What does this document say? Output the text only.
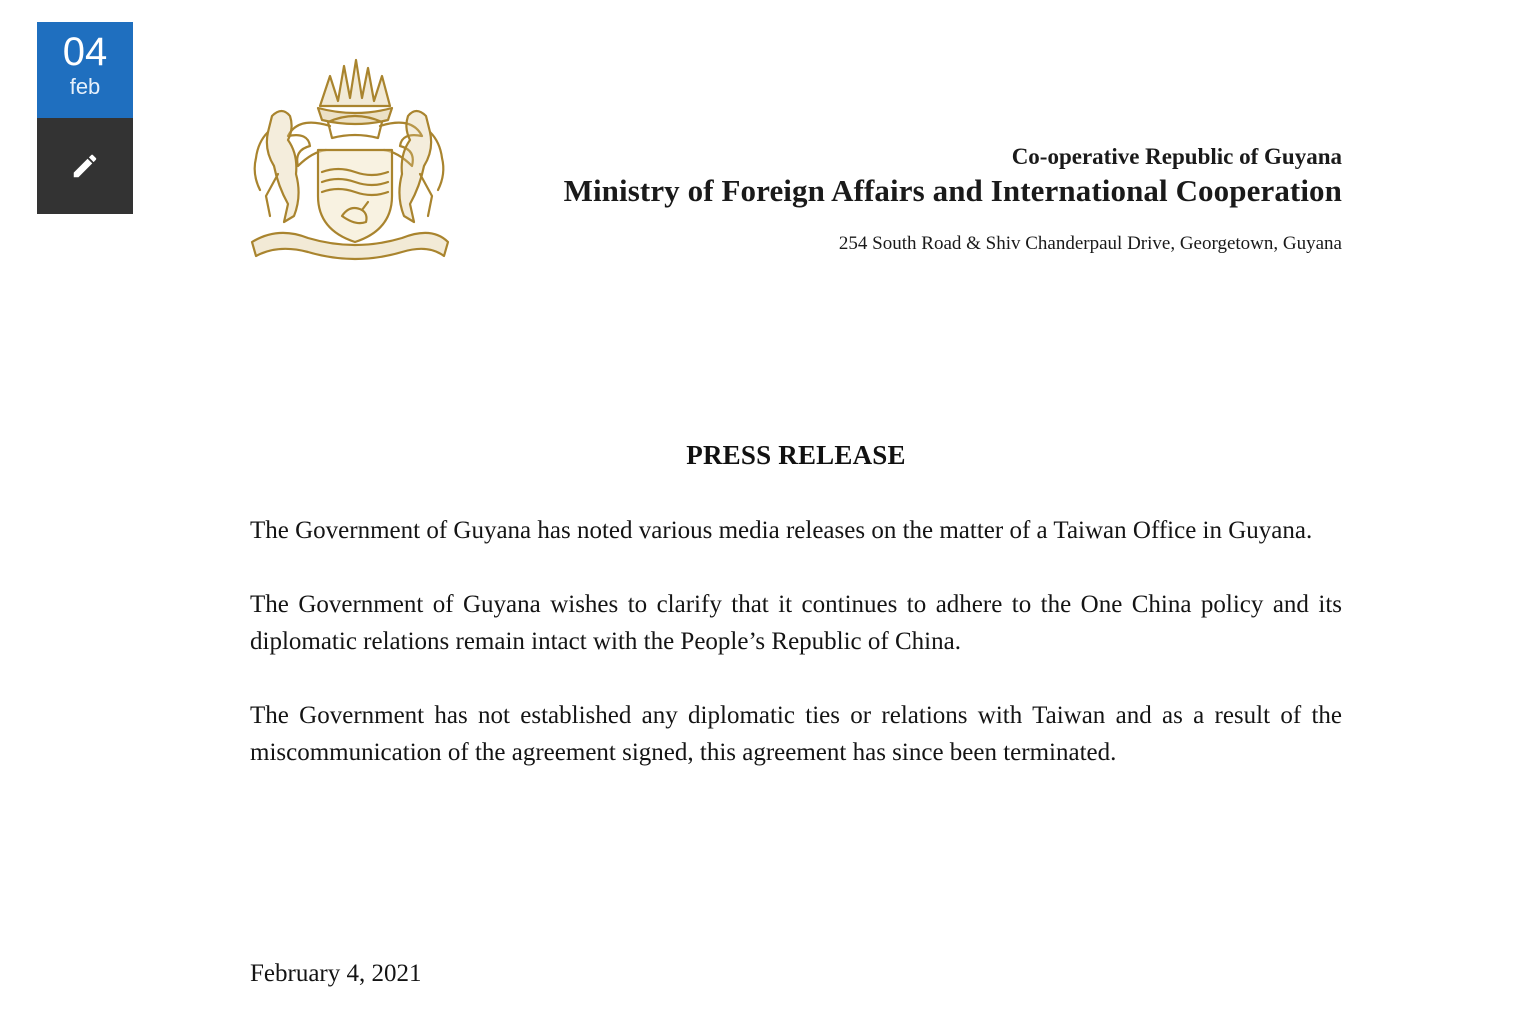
04
feb
Co-operative Republic of Guyana
Ministry of Foreign Affairs and International Cooperation
254 South Road & Shiv Chanderpaul Drive, Georgetown, Guyana
PRESS RELEASE

The Government of Guyana has noted various media releases on the matter of a Taiwan Office in Guyana.

The Government of Guyana wishes to clarify that it continues to adhere to the One China policy and its diplomatic relations remain intact with the People’s Republic of China.

The Government has not established any diplomatic ties or relations with Taiwan and as a result of the miscommunication of the agreement signed, this agreement has since been terminated.

February 4, 2021
